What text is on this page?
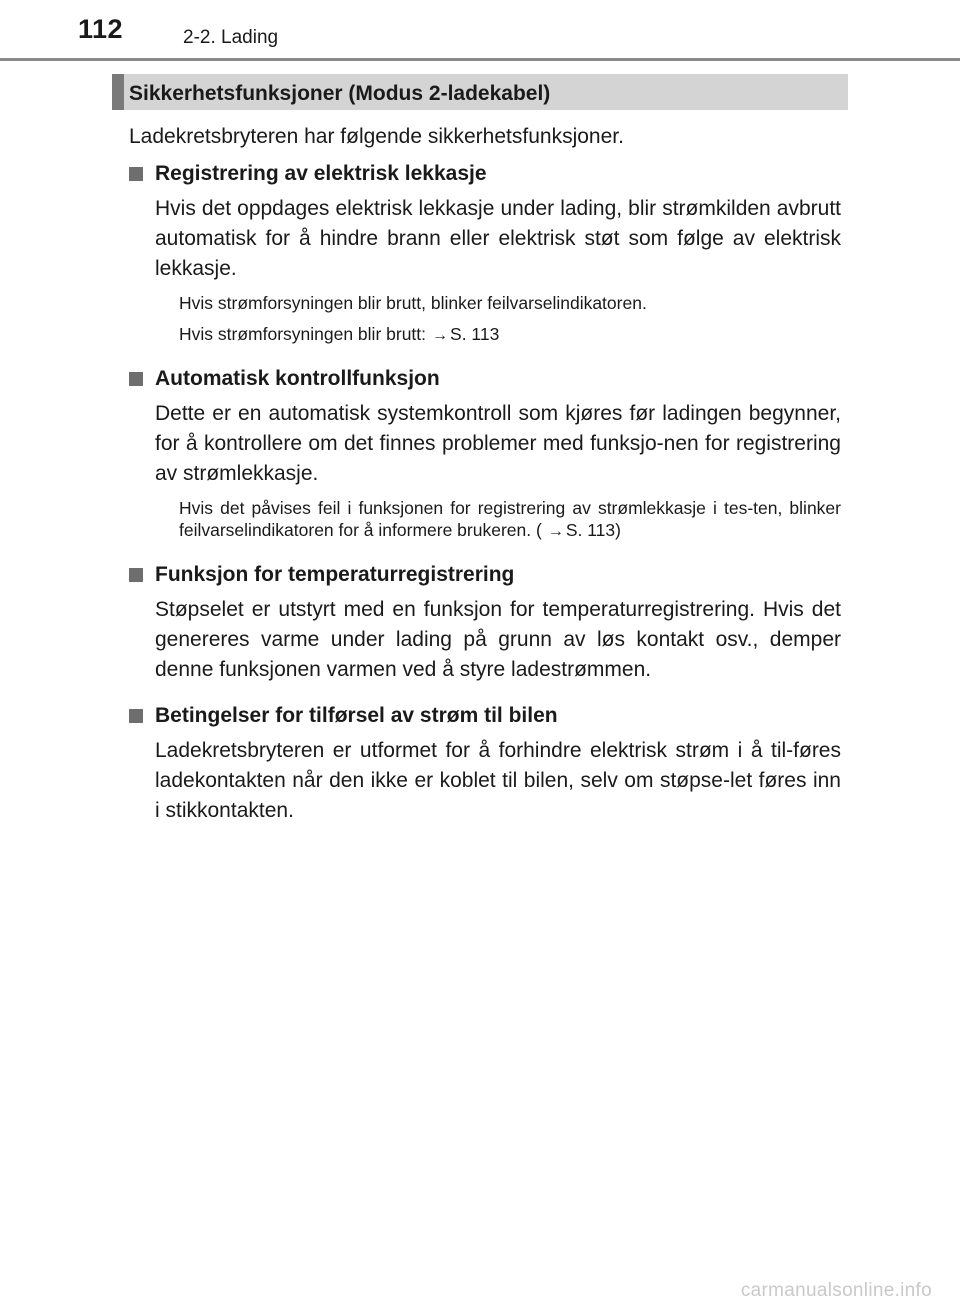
112	2-2. Lading
Sikkerhetsfunksjoner (Modus 2-ladekabel)

Ladekretsbryteren har følgende sikkerhetsfunksjoner.

Registrering av elektrisk lekkasje

Hvis det oppdages elektrisk lekkasje under lading, blir strømkilden avbrutt automatisk for å hindre brann eller elektrisk støt som følge av elektrisk lekkasje.

Hvis strømforsyningen blir brutt, blinker feilvarselindikatoren.

Hvis strømforsyningen blir brutt: → S. 113

Automatisk kontrollfunksjon

Dette er en automatisk systemkontroll som kjøres før ladingen begynner, for å kontrollere om det finnes problemer med funksjo-nen for registrering av strømlekkasje.

Hvis det påvises feil i funksjonen for registrering av strømlekkasje i tes-ten, blinker feilvarselindikatoren for å informere brukeren. ( → S. 113)

Funksjon for temperaturregistrering

Støpselet er utstyrt med en funksjon for temperaturregistrering. Hvis det genereres varme under lading på grunn av løs kontakt osv., demper denne funksjonen varmen ved å styre ladestrømmen.

Betingelser for tilførsel av strøm til bilen

Ladekretsbryteren er utformet for å forhindre elektrisk strøm i å til-føres ladekontakten når den ikke er koblet til bilen, selv om støpse-let føres inn i stikkontakten.

carmanualsonline.info
